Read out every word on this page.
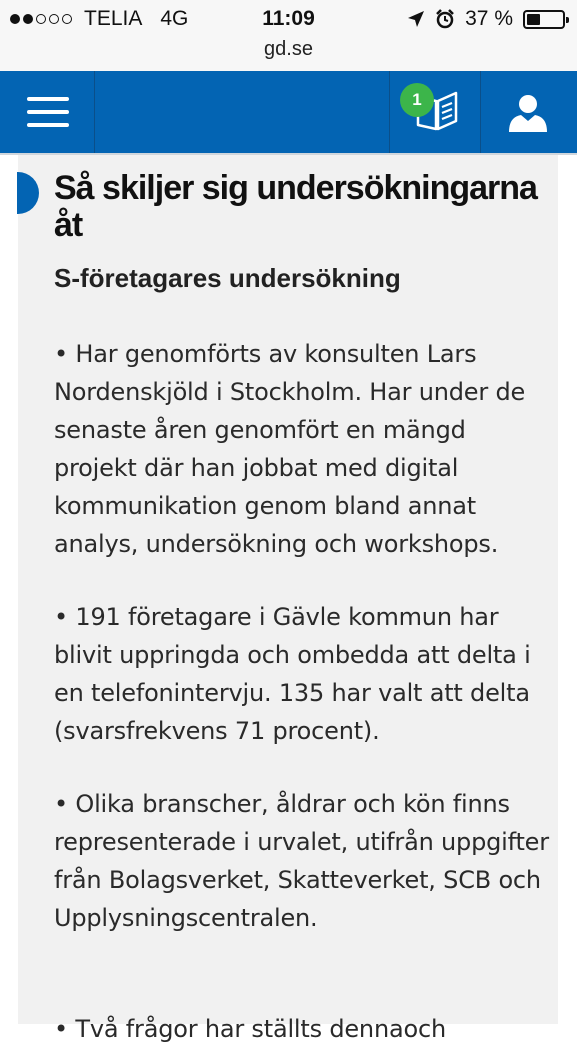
TELIA 4G	11:09	37 %
gd.se
1
Så skiljer sig undersökningarna åt
S-företagares undersökning

• Har genomförts av konsulten Lars Nordenskjöld i Stockholm. Har under de senaste åren genomfört en mängd projekt där han jobbat med digital kommunikation genom bland annat analys, undersökning och workshops.

• 191 företagare i Gävle kommun har blivit uppringda och ombedda att delta i en telefonintervju. 135 har valt att delta (svarsfrekvens 71 procent).

• Olika branscher, åldrar och kön finns representerade i urvalet, utifrån uppgifter från Bolagsverket, Skatteverket, SCB och Upplysningscentralen.

• Två frågor har ställts dennaoch
